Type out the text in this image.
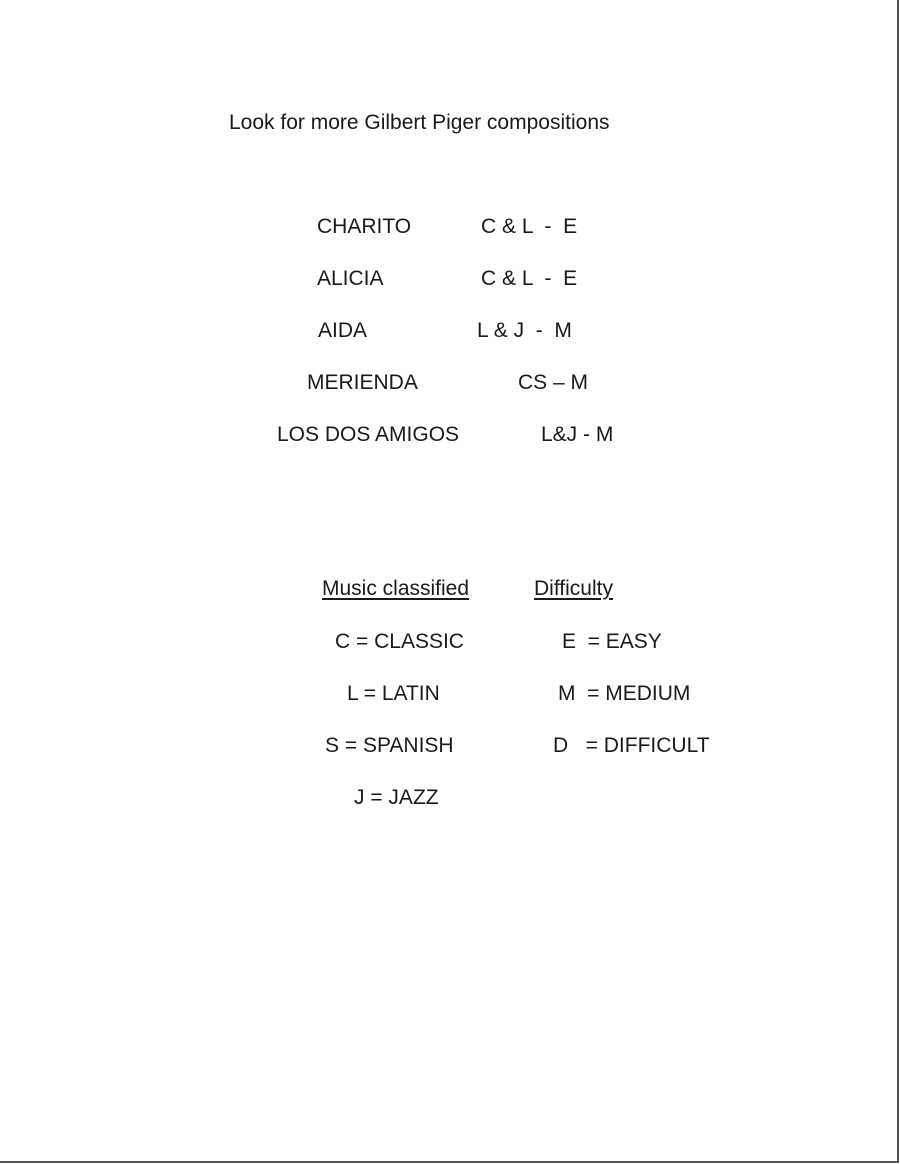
Look for more Gilbert Piger compositions
CHARITO	C & L  -  E
ALICIA	C & L  -  E
AIDA	L & J  -  M
MERIENDA	CS – M
LOS DOS AMIGOS	L&J - M
Music classified	Difficulty
C = CLASSIC	E  = EASY
L = LATIN	M  = MEDIUM
S = SPANISH	D   = DIFFICULT
J = JAZZ
